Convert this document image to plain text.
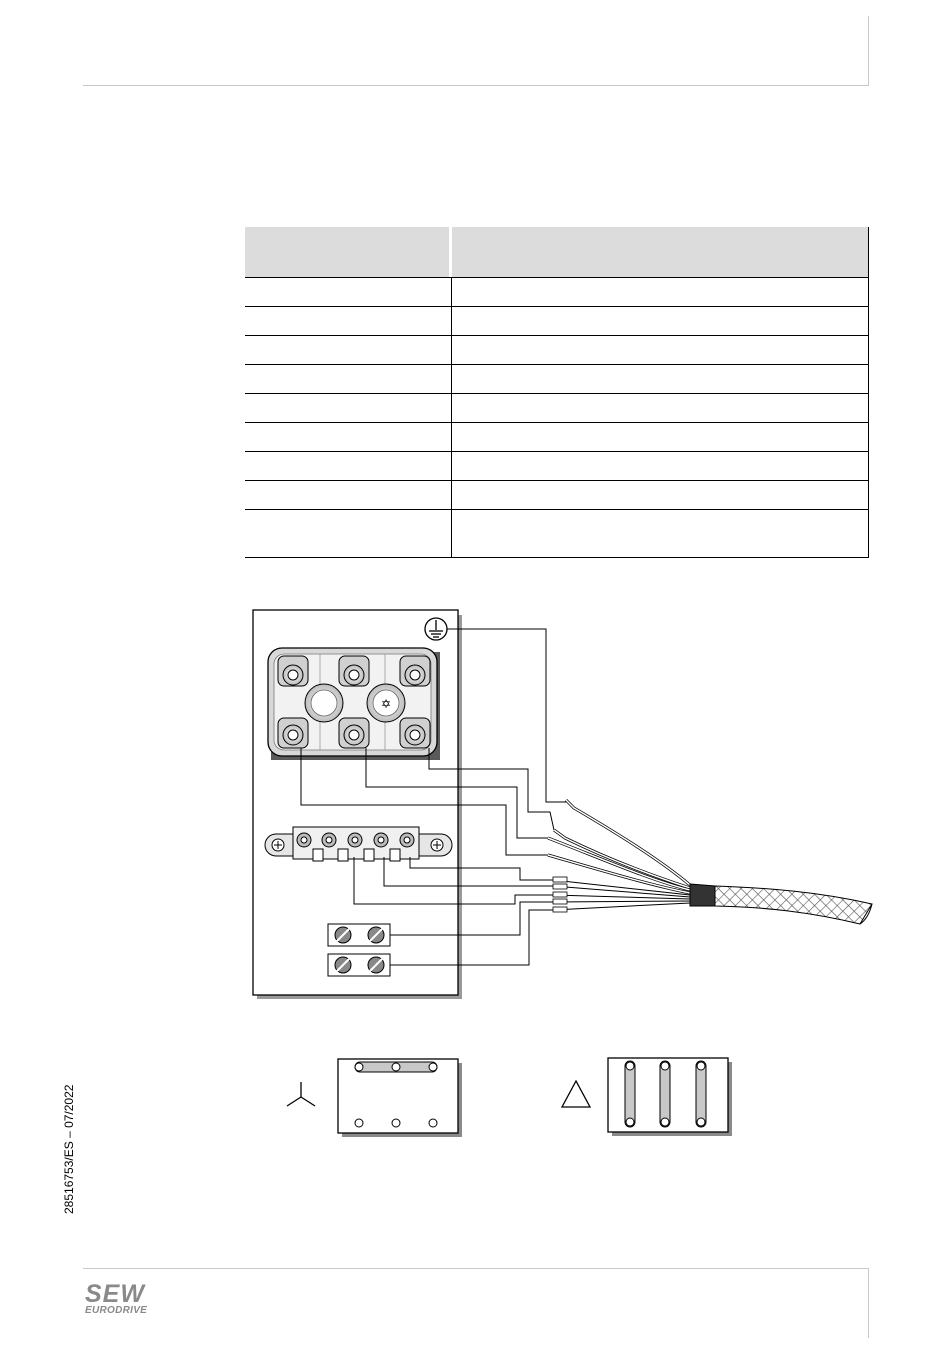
✡
28516753/ES – 07/2022
SEW
EURODRIVE
